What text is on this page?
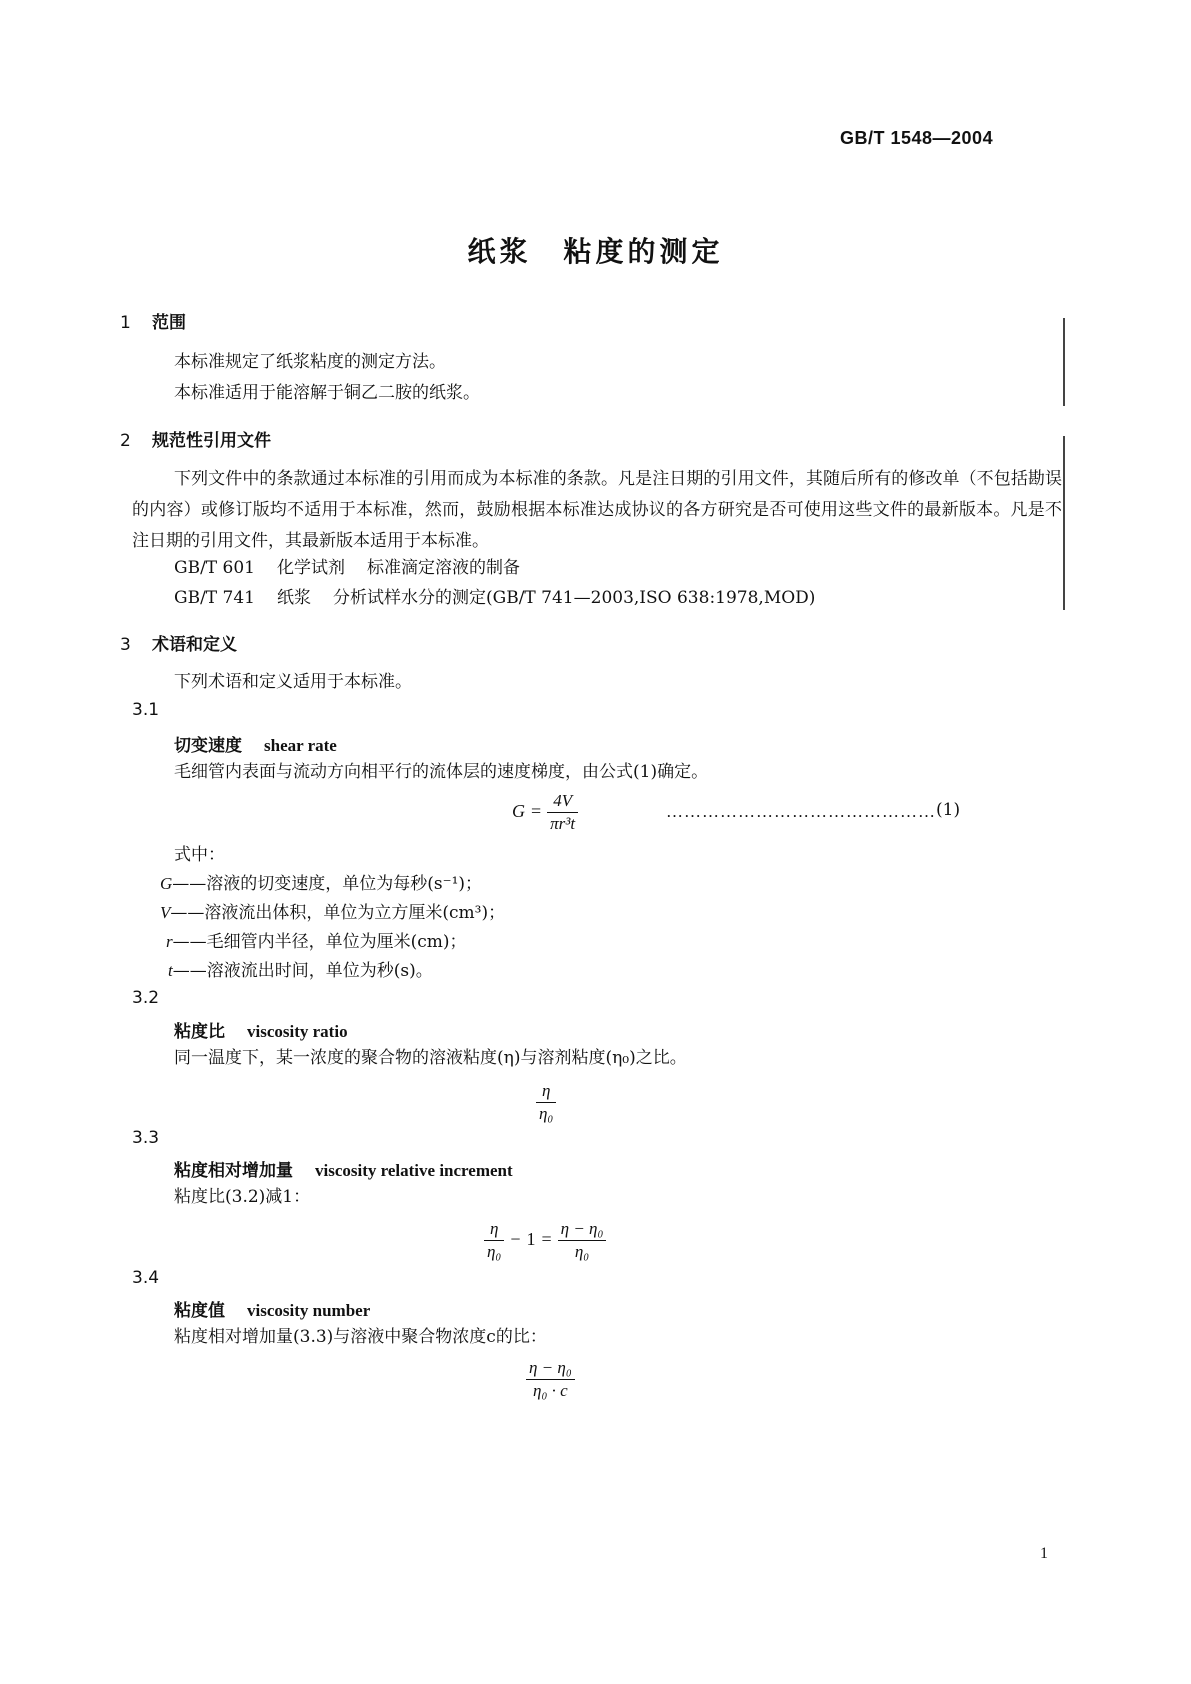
GB/T 1548—2004
纸浆　粘度的测定
1 范围
本标准规定了纸浆粘度的测定方法。
本标准适用于能溶解于铜乙二胺的纸浆。
2 规范性引用文件
下列文件中的条款通过本标准的引用而成为本标准的条款。凡是注日期的引用文件，其随后所有的修改单（不包括勘误的内容）或修订版均不适用于本标准，然而，鼓励根据本标准达成协议的各方研究是否可使用这些文件的最新版本。凡是不注日期的引用文件，其最新版本适用于本标准。
GB/T 601 化学试剂 标准滴定溶液的制备
GB/T 741 纸浆 分析试样水分的测定(GB/T 741—2003,ISO 638:1978,MOD)
3 术语和定义
下列术语和定义适用于本标准。
3.1
切变速度 shear rate
毛细管内表面与流动方向相平行的流体层的速度梯度，由公式(1)确定。
$G = \frac{4V}{\text{πr³t}}$	……………………………………… (1)
式中：
G——溶液的切变速度，单位为每秒(s⁻¹)；
V——溶液流出体积，单位为立方厘米(cm³)；
r——毛细管内半径，单位为厘米(cm)；
t——溶液流出时间，单位为秒(s)。
3.2
粘度比 viscosity ratio
同一温度下，某一浓度的聚合物的溶液粘度(η)与溶剂粘度(η₀)之比。
$\frac{\eta}{\text{η₀}}$
3.3
粘度相对增加量 viscosity relative increment
粘度比(3.2)减1：
$\frac{\eta}{\text{η₀}} - 1 = \frac{\text{η − η₀}}{\text{η₀}}$
3.4
粘度值 viscosity number
粘度相对增加量(3.3)与溶液中聚合物浓度c的比：
$\frac{\text{η − η₀}}{\text{η₀ · c}}$
1
